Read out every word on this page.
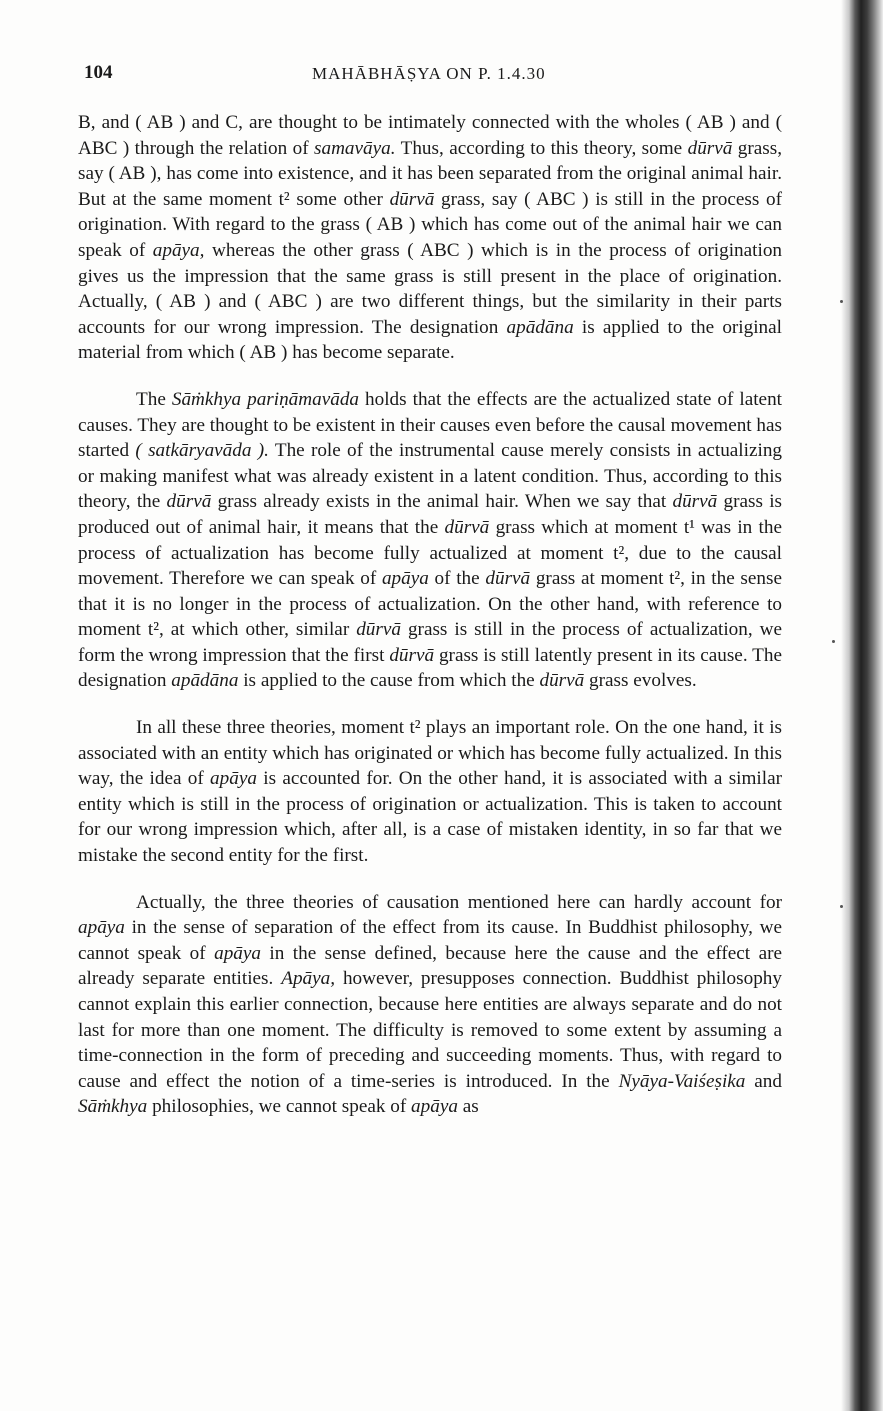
104	MAHĀBHĀṢYA ON P. 1.4.30

B, and ( AB ) and C, are thought to be intimately connected with the wholes ( AB ) and ( ABC ) through the relation of samavāya. Thus, according to this theory, some dūrvā grass, say ( AB ), has come into existence, and it has been separated from the original animal hair. But at the same moment t² some other dūrvā grass, say ( ABC ) is still in the process of origination. With regard to the grass ( AB ) which has come out of the animal hair we can speak of apāya, whereas the other grass ( ABC ) which is in the process of origination gives us the impression that the same grass is still present in the place of origination. Actually, ( AB ) and ( ABC ) are two different things, but the similarity in their parts accounts for our wrong impression. The designation apādāna is applied to the original material from which ( AB ) has become separate.

The Sāṁkhya pariṇāmavāda holds that the effects are the actualized state of latent causes. They are thought to be existent in their causes even before the causal movement has started ( satkāryavāda ). The role of the instrumental cause merely consists in actualizing or making manifest what was already existent in a latent condition. Thus, according to this theory, the dūrvā grass already exists in the animal hair. When we say that dūrvā grass is produced out of animal hair, it means that the dūrvā grass which at moment t¹ was in the process of actualization has become fully actualized at moment t², due to the causal movement. Therefore we can speak of apāya of the dūrvā grass at moment t², in the sense that it is no longer in the process of actualization. On the other hand, with reference to moment t², at which other, similar dūrvā grass is still in the process of actualization, we form the wrong impression that the first dūrvā grass is still latently present in its cause. The designation apādāna is applied to the cause from which the dūrvā grass evolves.

In all these three theories, moment t² plays an important role. On the one hand, it is associated with an entity which has originated or which has become fully actualized. In this way, the idea of apāya is accounted for. On the other hand, it is associated with a similar entity which is still in the process of origination or actualization. This is taken to account for our wrong impression which, after all, is a case of mistaken identity, in so far that we mistake the second entity for the first.

Actually, the three theories of causation mentioned here can hardly account for apāya in the sense of separation of the effect from its cause. In Buddhist philosophy, we cannot speak of apāya in the sense defined, because here the cause and the effect are already separate entities. Apāya, however, presupposes connection. Buddhist philosophy cannot explain this earlier connection, because here entities are always separate and do not last for more than one moment. The difficulty is removed to some extent by assuming a time-connection in the form of preceding and succeeding moments. Thus, with regard to cause and effect the notion of a time-series is introduced. In the Nyāya-Vaiśeṣika and Sāṁkhya philosophies, we cannot speak of apāya as
